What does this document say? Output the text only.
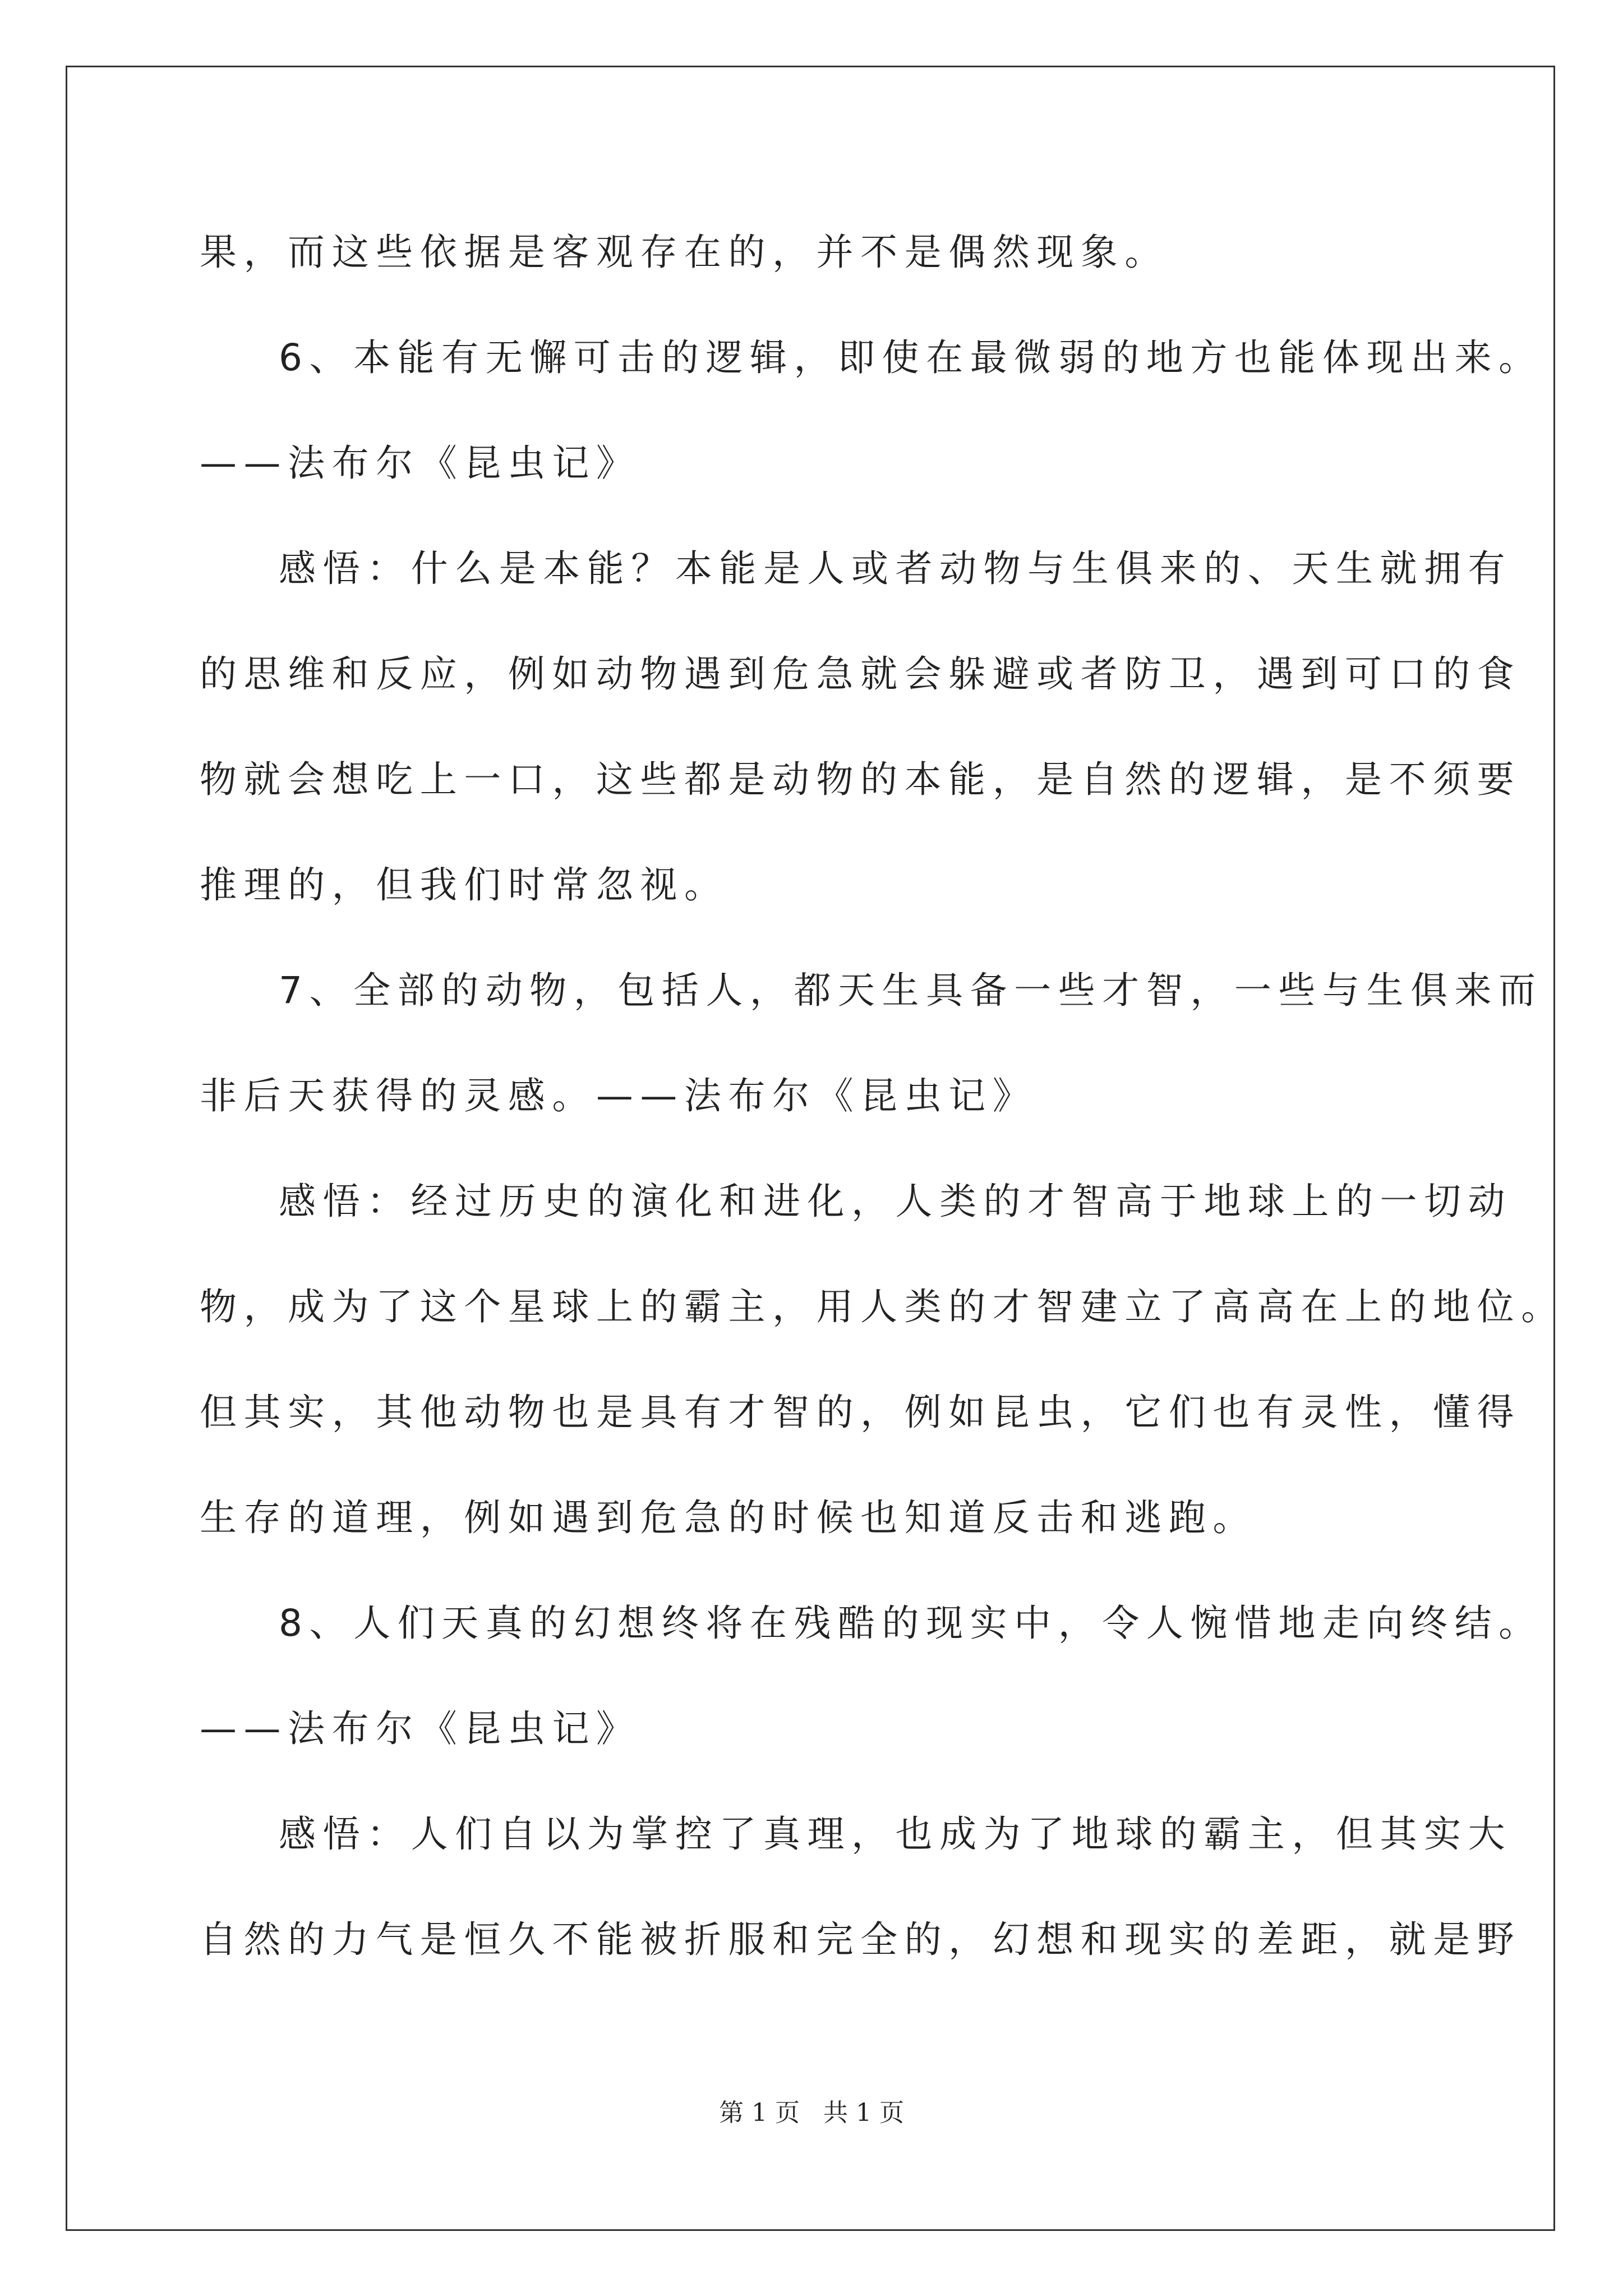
果，而这些依据是客观存在的，并不是偶然现象。
6、本能有无懈可击的逻辑，即使在最微弱的地方也能体现出来。
——法布尔《昆虫记》
感悟：什么是本能？本能是人或者动物与生俱来的、天生就拥有
的思维和反应，例如动物遇到危急就会躲避或者防卫，遇到可口的食
物就会想吃上一口，这些都是动物的本能，是自然的逻辑，是不须要
推理的，但我们时常忽视。
7、全部的动物，包括人，都天生具备一些才智，一些与生俱来而
非后天获得的灵感。——法布尔《昆虫记》
感悟：经过历史的演化和进化，人类的才智高于地球上的一切动
物，成为了这个星球上的霸主，用人类的才智建立了高高在上的地位。
但其实，其他动物也是具有才智的，例如昆虫，它们也有灵性，懂得
生存的道理，例如遇到危急的时候也知道反击和逃跑。
8、人们天真的幻想终将在残酷的现实中，令人惋惜地走向终结。
——法布尔《昆虫记》
感悟：人们自以为掌控了真理，也成为了地球的霸主，但其实大
自然的力气是恒久不能被折服和完全的，幻想和现实的差距，就是野
第 1 页   共 1 页
